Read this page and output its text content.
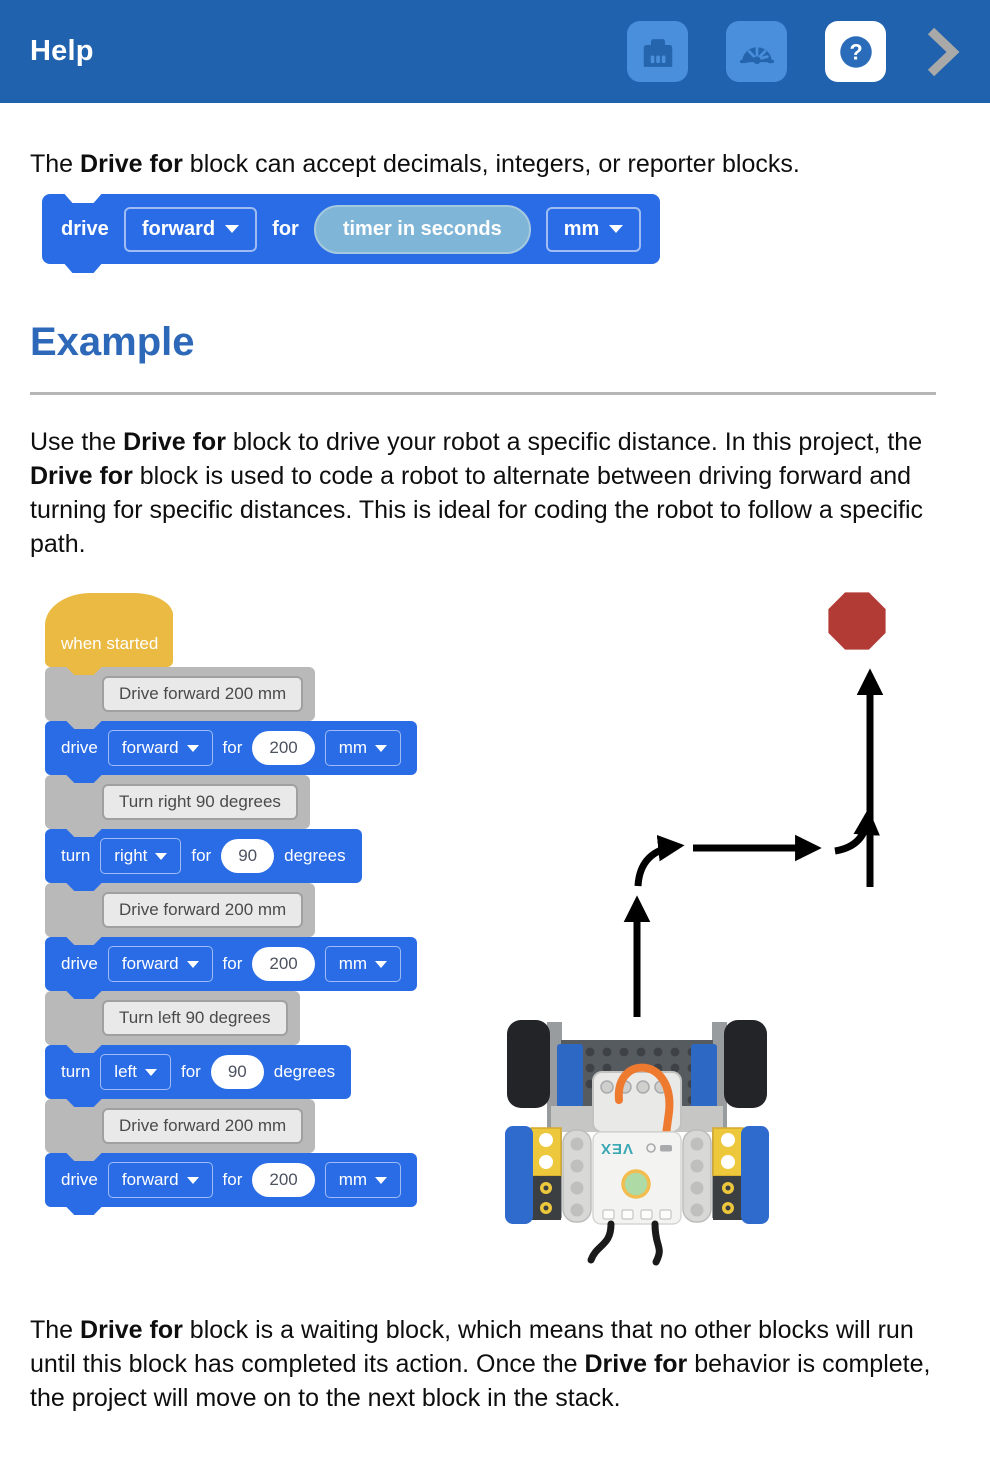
Help	?

The Drive for block can accept decimals, integers, or reporter blocks.

drive forward	for	timer in seconds	mm
Example

Use the Drive for block to drive your robot a specific distance. In this project, the Drive for block is used to code a robot to alternate between driving forward and turning for specific distances. This is ideal for coding the robot to follow a specific path.

when started
Drive forward 200 mm
drive forward	for	200	mm
Turn right 90 degrees
turn right	for	90	degrees
Drive forward 200 mm
drive forward	for	200	mm
Turn left 90 degrees
turn left	for	90	degrees
Drive forward 200 mm
drive forward	for	200	mm
VEX

The Drive for block is a waiting block, which means that no other blocks will run until this block has completed its action. Once the Drive for behavior is complete, the project will move on to the next block in the stack.
